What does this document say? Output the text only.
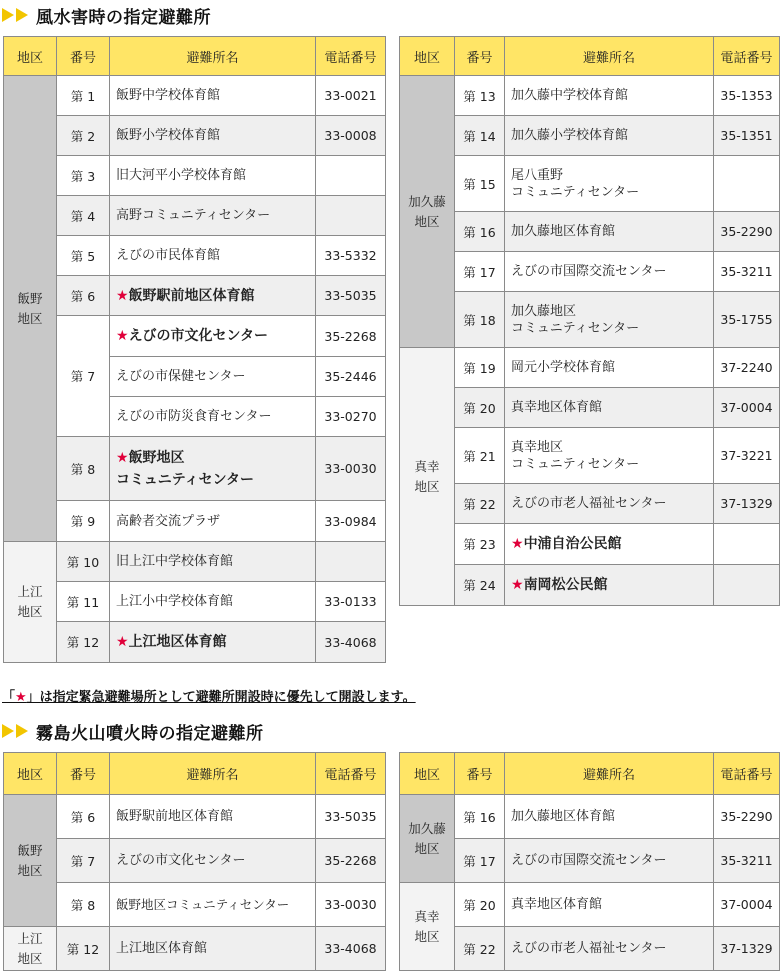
風水害時の指定避難所
地区	番号	避難所名	電話番号
飯野
地区	第 1	飯野中学校体育館	33-0021
	第 2	飯野小学校体育館	33-0008
	第 3	旧大河平小学校体育館	
	第 4	高野コミュニティセンター	
	第 5	えびの市民体育館	33-5332
	第 6	★飯野駅前地区体育館	33-5035
	第 7	★えびの市文化センター	35-2268
		えびの市保健センター	35-2446
		えびの市防災食育センター	33-0270
	第 8	★飯野地区
コミュニティセンター	33-0030
	第 9	高齢者交流プラザ	33-0984
上江
地区	第 10	旧上江中学校体育館	
	第 11	上江小中学校体育館	33-0133
	第 12	★上江地区体育館	33-4068
地区	番号	避難所名	電話番号
加久藤
地区	第 13	加久藤中学校体育館	35-1353
	第 14	加久藤小学校体育館	35-1351
	第 15	尾八重野
コミュニティセンター	
	第 16	加久藤地区体育館	35-2290
	第 17	えびの市国際交流センター	35-3211
	第 18	加久藤地区
コミュニティセンター	35-1755
真幸
地区	第 19	岡元小学校体育館	37-2240
	第 20	真幸地区体育館	37-0004
	第 21	真幸地区
コミュニティセンター	37-3221
	第 22	えびの市老人福祉センター	37-1329
	第 23	★中浦自治公民館	
	第 24	★南岡松公民館	
「★」は指定緊急避難場所として避難所開設時に優先して開設します。
霧島火山噴火時の指定避難所
地区	番号	避難所名	電話番号
飯野
地区	第 6	飯野駅前地区体育館	33-5035
	第 7	えびの市文化センター	35-2268
	第 8	飯野地区コミュニティセンター	33-0030
上江
地区	第 12	上江地区体育館	33-4068
地区	番号	避難所名	電話番号
加久藤
地区	第 16	加久藤地区体育館	35-2290
	第 17	えびの市国際交流センター	35-3211
真幸
地区	第 20	真幸地区体育館	37-0004
	第 22	えびの市老人福祉センター	37-1329
